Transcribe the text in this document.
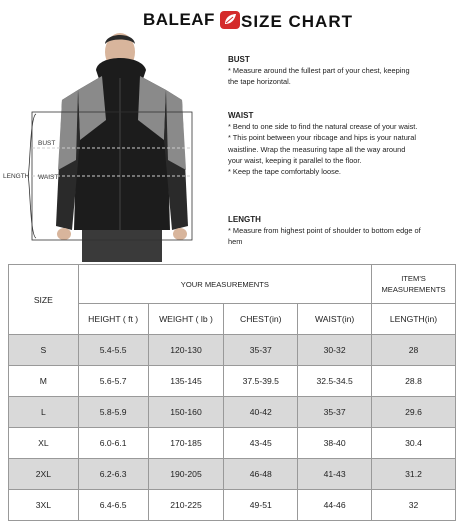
BALEAF SIZE CHART
BUST
WAIST
LENGTH
BUST
* Measure around the fullest part of your chest, keeping
the tape horizontal.
WAIST
* Bend to one side to find the natural crease of your waist.
* This point between your ribcage and hips is your natural
waistline. Wrap the measuring tape all the way around
your waist, keeping it parallel to the floor.
* Keep the tape comfortably loose.
LENGTH
* Measure from highest point of shoulder to bottom edge of
hem
SIZE	YOUR MEASUREMENTS				ITEM'S MEASUREMENTS
	HEIGHT ( ft )	WEIGHT ( lb )	CHEST(in)	WAIST(in)	LENGTH(in)
S	5.4-5.5	120-130	35-37	30-32	28
M	5.6-5.7	135-145	37.5-39.5	32.5-34.5	28.8
L	5.8-5.9	150-160	40-42	35-37	29.6
XL	6.0-6.1	170-185	43-45	38-40	30.4
2XL	6.2-6.3	190-205	46-48	41-43	31.2
3XL	6.4-6.5	210-225	49-51	44-46	32
